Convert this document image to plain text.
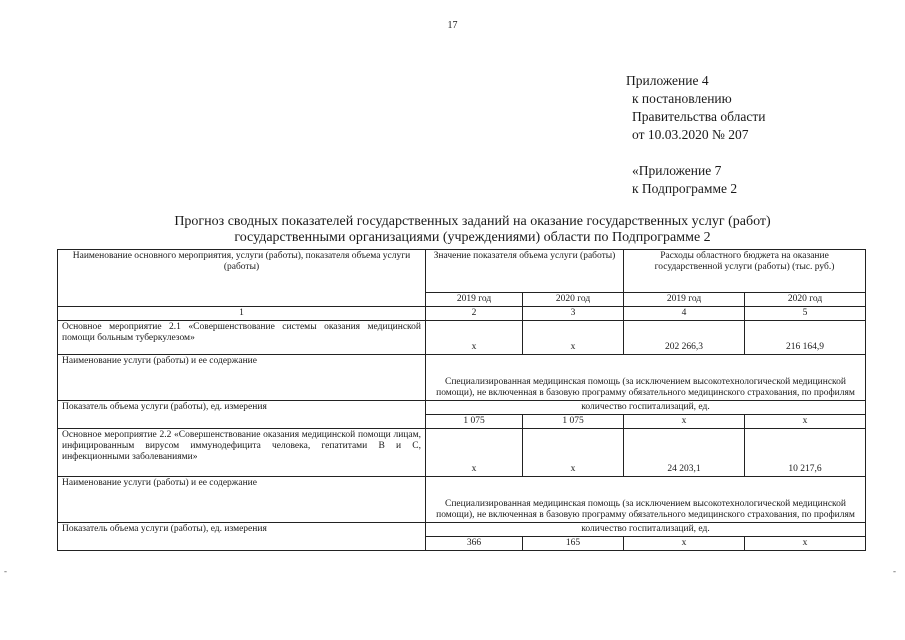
17
Приложение 4
к постановлению
Правительства области
от 10.03.2020 № 207
«Приложение 7
к Подпрограмме 2
Прогноз сводных показателей государственных заданий на оказание государственных услуг (работ)
государственными организациями (учреждениями) области по Подпрограмме 2
Наименование основного мероприятия, услуги (работы), показателя объема услуги (работы)	Значение показателя объема услуги (работы)		Расходы областного бюджета на оказание государственной услуги (работы) (тыс. руб.)	
	2019 год	2020 год	2019 год	2020 год
1	2	3	4	5
Основное мероприятие 2.1 «Совершенствование системы оказания медицинской помощи больным туберкулезом»	х	х	202 266,3	216 164,9
Наименование услуги (работы) и ее содержание	Специализированная медицинская помощь (за исключением высокотехнологической медицинской помощи), не включенная в базовую программу обязательного медицинского страхования, по профилям			
Показатель объема услуги (работы), ед. измерения	количество госпитализаций, ед.			
	1 075	1 075	х	х
Основное мероприятие 2.2 «Совершенствование оказания медицинской помощи лицам, инфицированным вирусом иммунодефицита человека, гепатитами В и С, инфекционными заболеваниями»	х	х	24 203,1	10 217,6
Наименование услуги (работы) и ее содержание	Специализированная медицинская помощь (за исключением высокотехнологической медицинской помощи), не включенная в базовую программу обязательного медицинского страхования, по профилям			
Показатель объема услуги (работы), ед. измерения	количество госпитализаций, ед.			
	366	165	х	х
-	-
